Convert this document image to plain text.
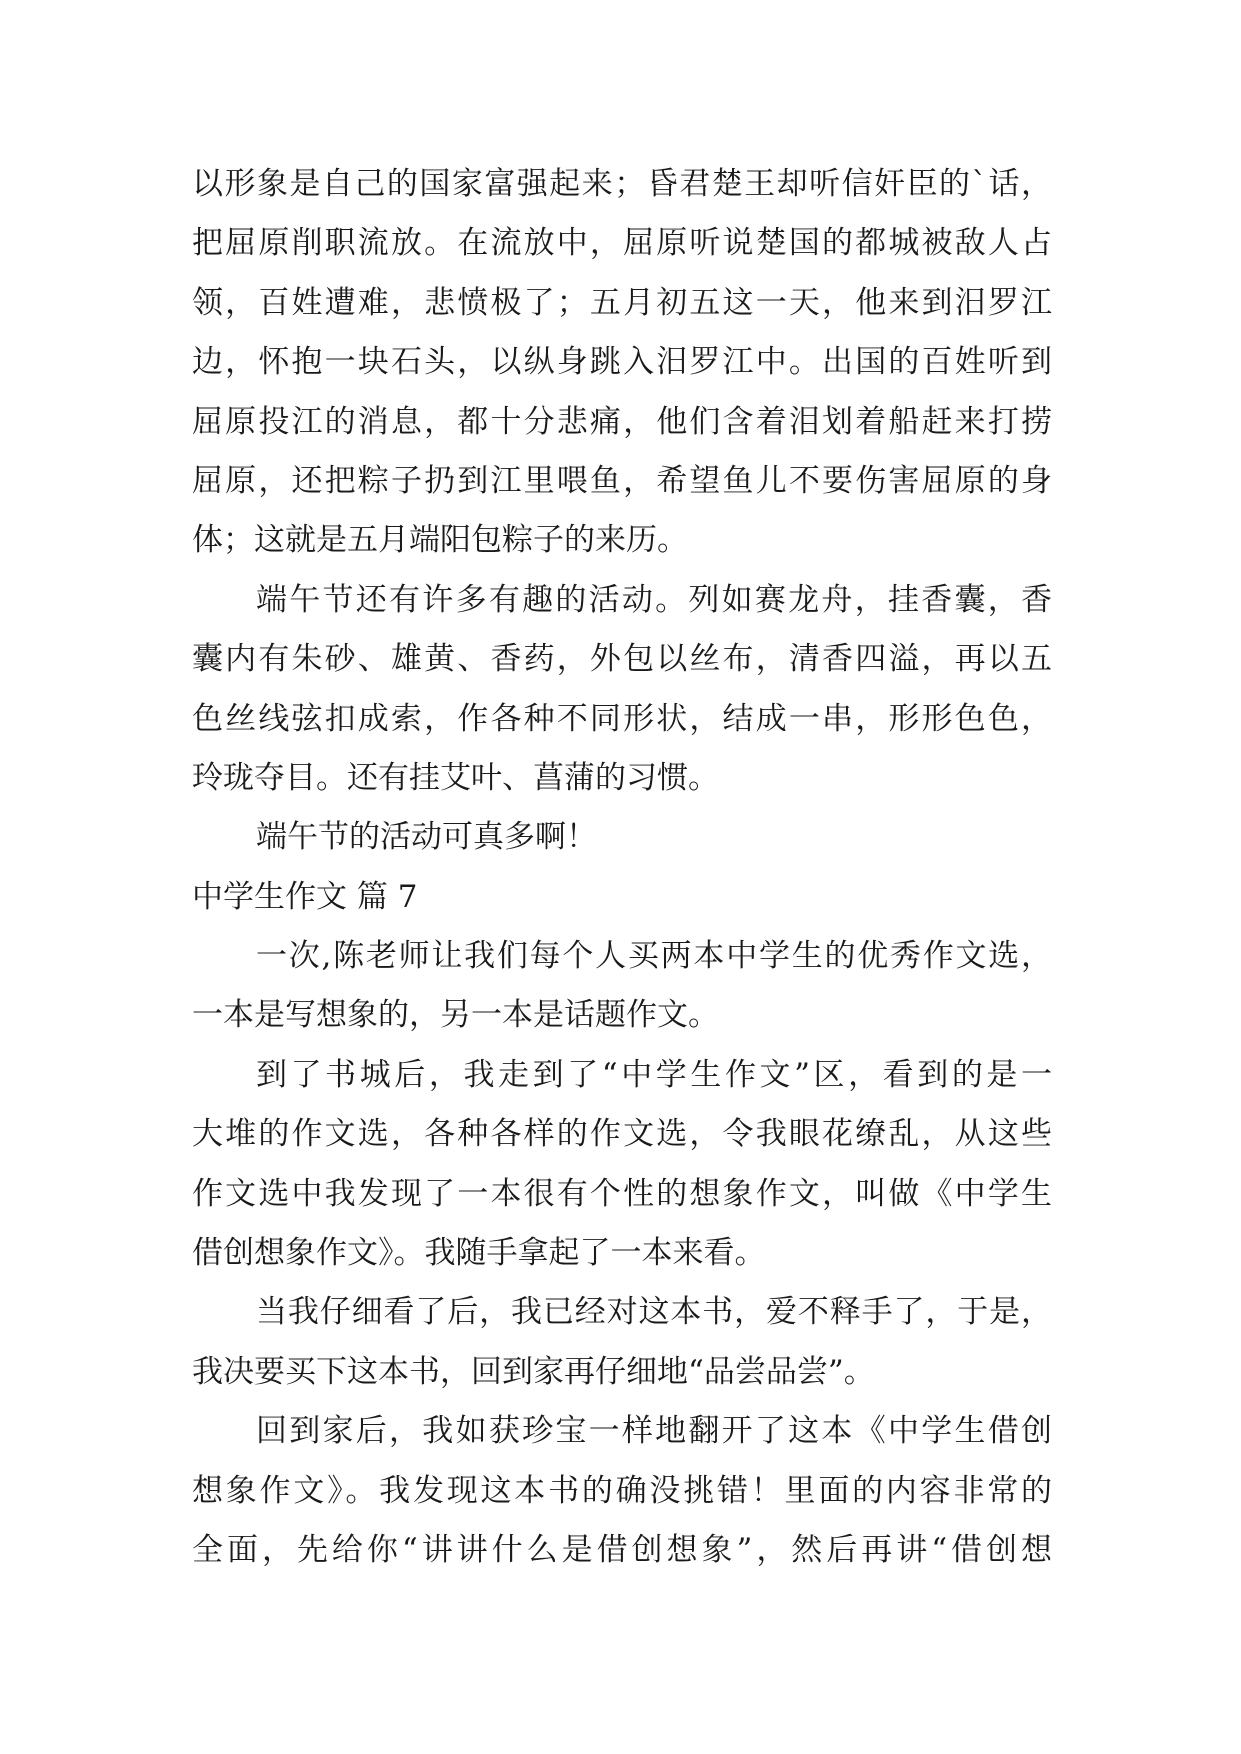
以形象是自己的国家富强起来；昏君楚王却听信奸臣的`话，
把屈原削职流放。在流放中，屈原听说楚国的都城被敌人占
领，百姓遭难，悲愤极了；五月初五这一天，他来到汨罗江
边，怀抱一块石头，以纵身跳入汨罗江中。出国的百姓听到
屈原投江的消息，都十分悲痛，他们含着泪划着船赶来打捞
屈原，还把粽子扔到江里喂鱼，希望鱼儿不要伤害屈原的身
体；这就是五月端阳包粽子的来历。
端午节还有许多有趣的活动。列如赛龙舟，挂香囊，香
囊内有朱砂、雄黄、香药，外包以丝布，清香四溢，再以五
色丝线弦扣成索，作各种不同形状，结成一串，形形色色，
玲珑夺目。还有挂艾叶、菖蒲的习惯。
端午节的活动可真多啊！
中学生作文 篇 7
一次,陈老师让我们每个人买两本中学生的优秀作文选，
一本是写想象的，另一本是话题作文。
到了书城后，我走到了“中学生作文”区，看到的是一
大堆的作文选，各种各样的作文选，令我眼花缭乱，从这些
作文选中我发现了一本很有个性的想象作文，叫做《中学生
借创想象作文》。我随手拿起了一本来看。
当我仔细看了后，我已经对这本书，爱不释手了，于是，
我决要买下这本书，回到家再仔细地“品尝品尝”。
回到家后，我如获珍宝一样地翻开了这本《中学生借创
想象作文》。我发现这本书的确没挑错！里面的内容非常的
全面，先给你“讲讲什么是借创想象”，然后再讲“借创想
